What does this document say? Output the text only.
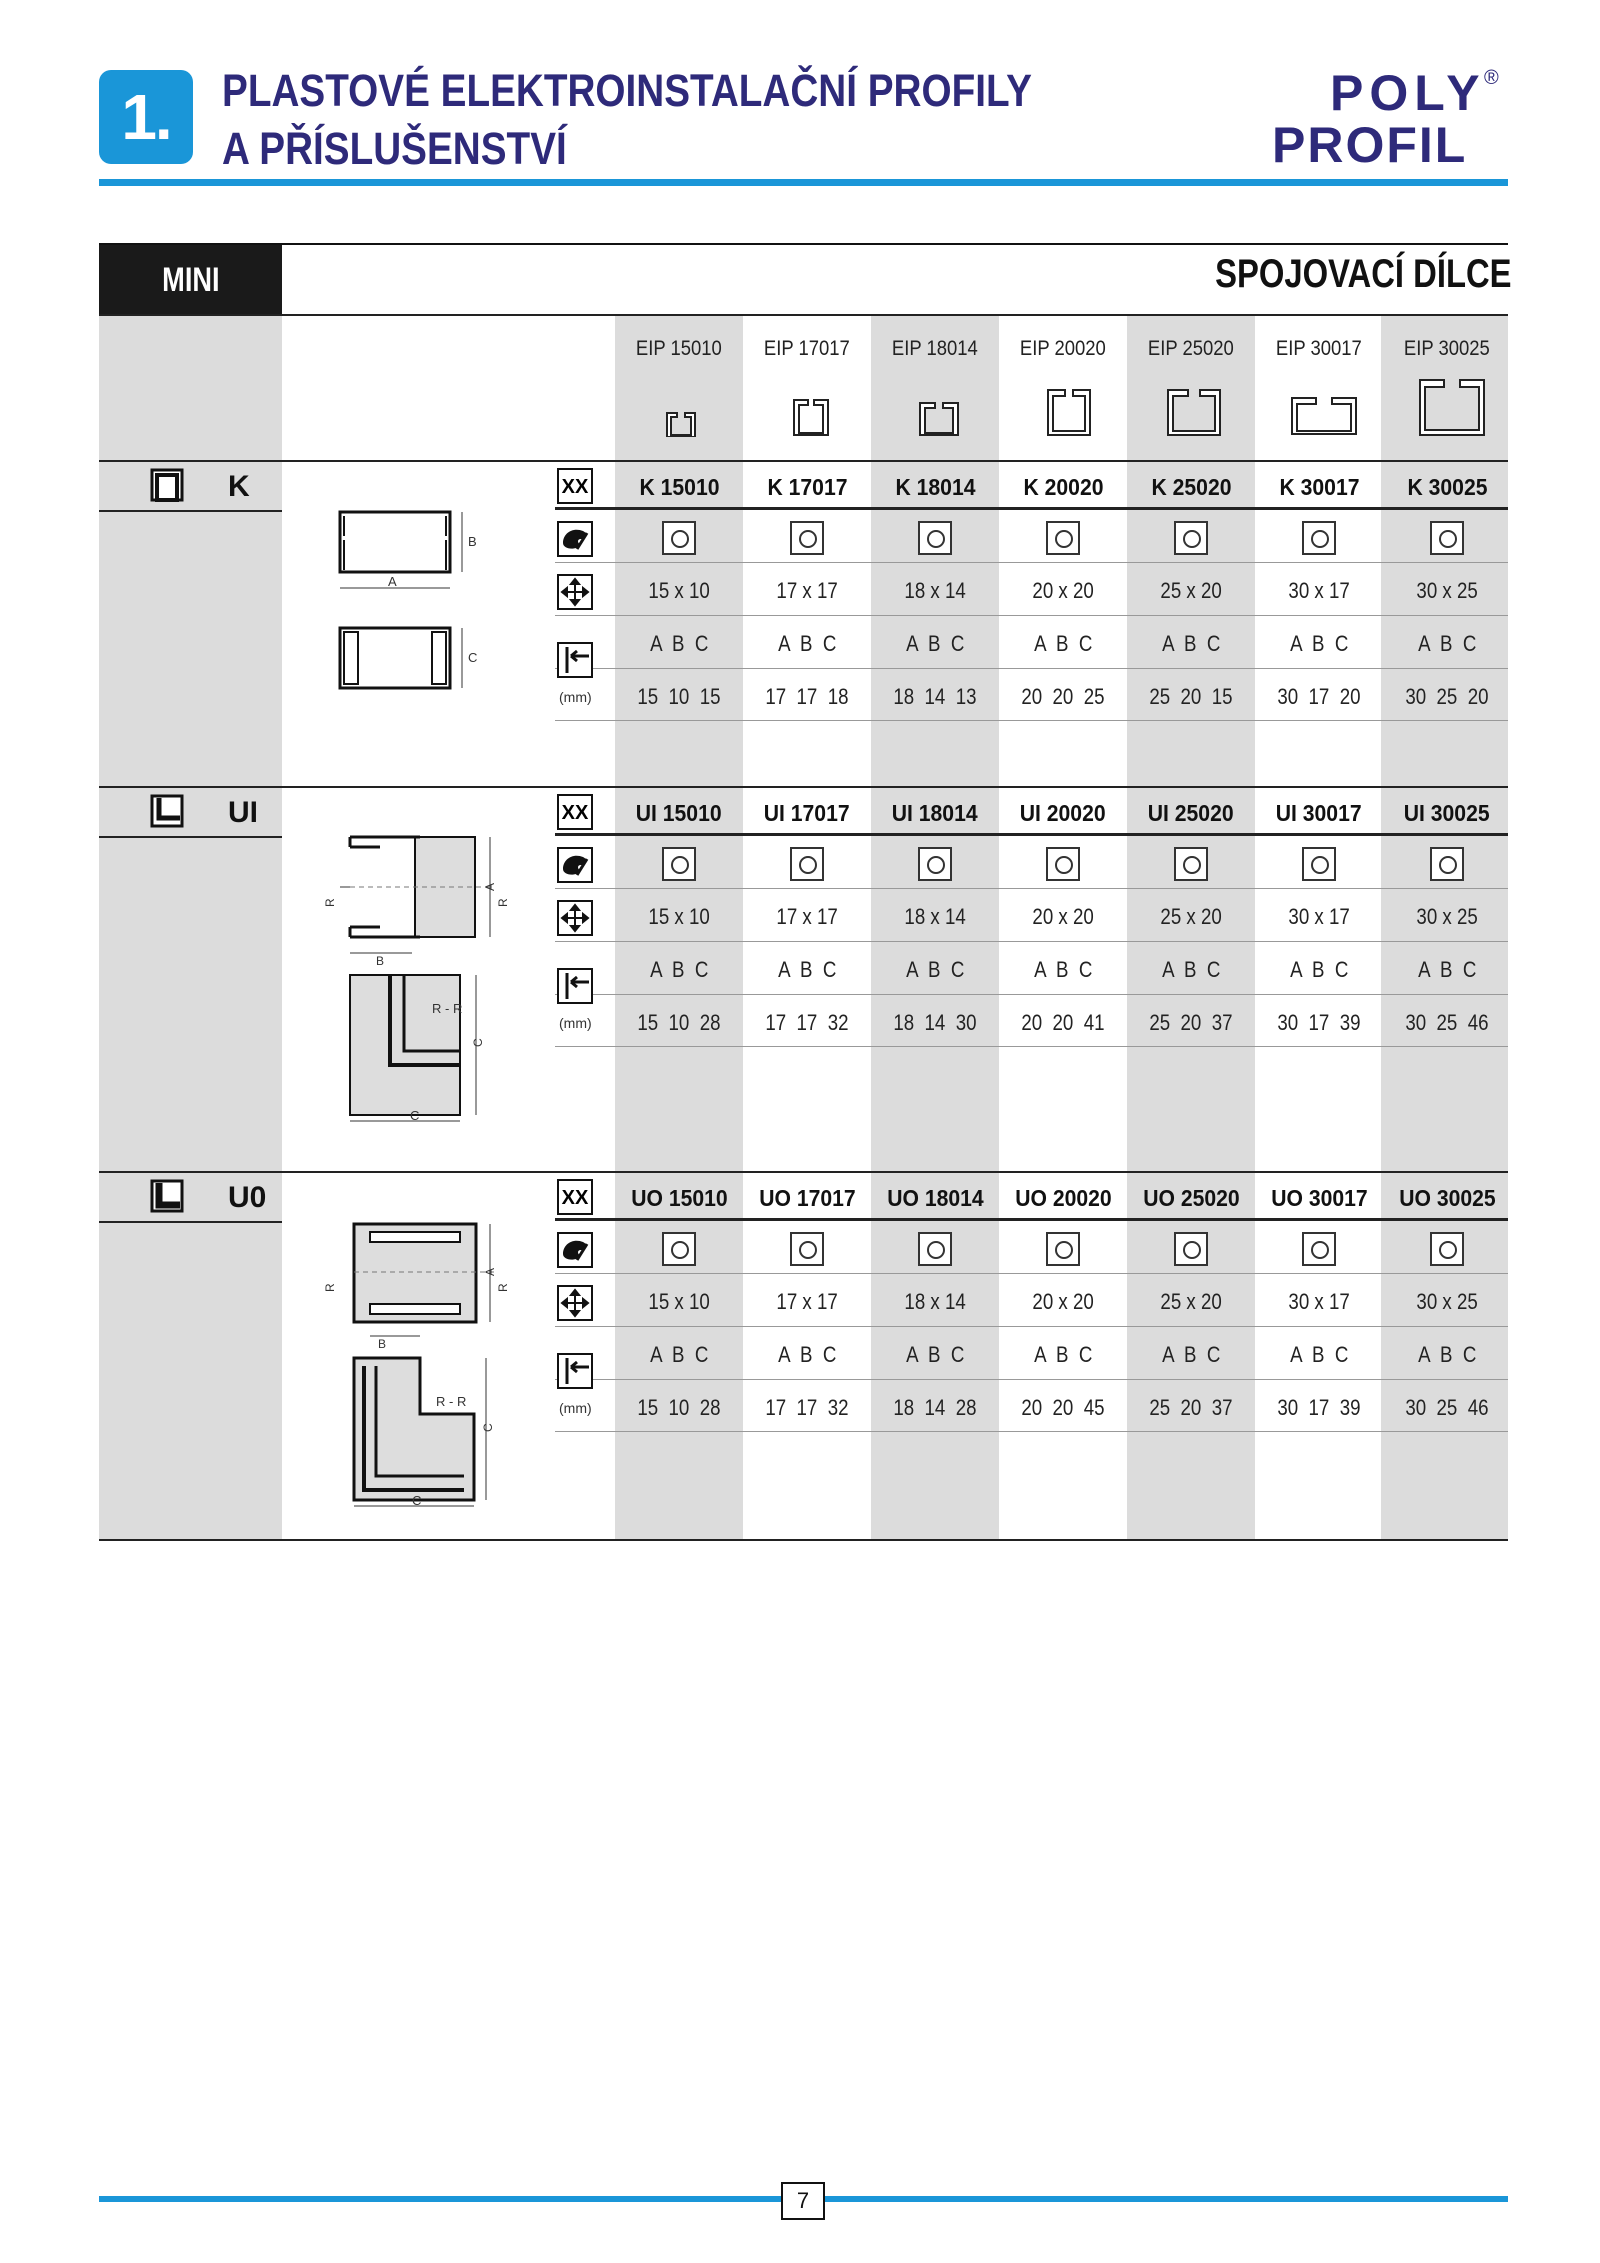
1.	PLASTOVÉ ELEKTROINSTALAČNÍ PROFILY
A PŘÍSLUŠENSTVÍ
POLY
PROFIL
®
MINI	SPOJOVACÍ DÍLCE
EIP 15010	EIP 17017	EIP 18014	EIP 20020	EIP 25020	EIP 30017	EIP 30025
K
A
B
C
XX
(mm)
K 15010	K 17017	K 18014	K 20020	K 25020	K 30017	K 30025
15 x 10	17 x 17	18 x 14	20 x 20	25 x 20	30 x 17	30 x 25
A  B  C	A  B  C	A  B  C	A  B  C	A  B  C	A  B  C	A  B  C
15  10  15	17  17  18	18  14  13	20  20  25	25  20  15	30  17  20	30  25  20
UI
R	R
A
B
R - R
C
C
XX
(mm)
UI 15010	UI 17017	UI 18014	UI 20020	UI 25020	UI 30017	UI 30025
15 x 10	17 x 17	18 x 14	20 x 20	25 x 20	30 x 17	30 x 25
A  B  C	A  B  C	A  B  C	A  B  C	A  B  C	A  B  C	A  B  C
15  10  28	17  17  32	18  14  30	20  20  41	25  20  37	30  17  39	30  25  46
U0
R	R
A
B
R - R
C
C
XX
(mm)
UO 15010	UO 17017	UO 18014	UO 20020	UO 25020	UO 30017	UO 30025
15 x 10	17 x 17	18 x 14	20 x 20	25 x 20	30 x 17	30 x 25
A  B  C	A  B  C	A  B  C	A  B  C	A  B  C	A  B  C	A  B  C
15  10  28	17  17  32	18  14  28	20  20  45	25  20  37	30  17  39	30  25  46
7
